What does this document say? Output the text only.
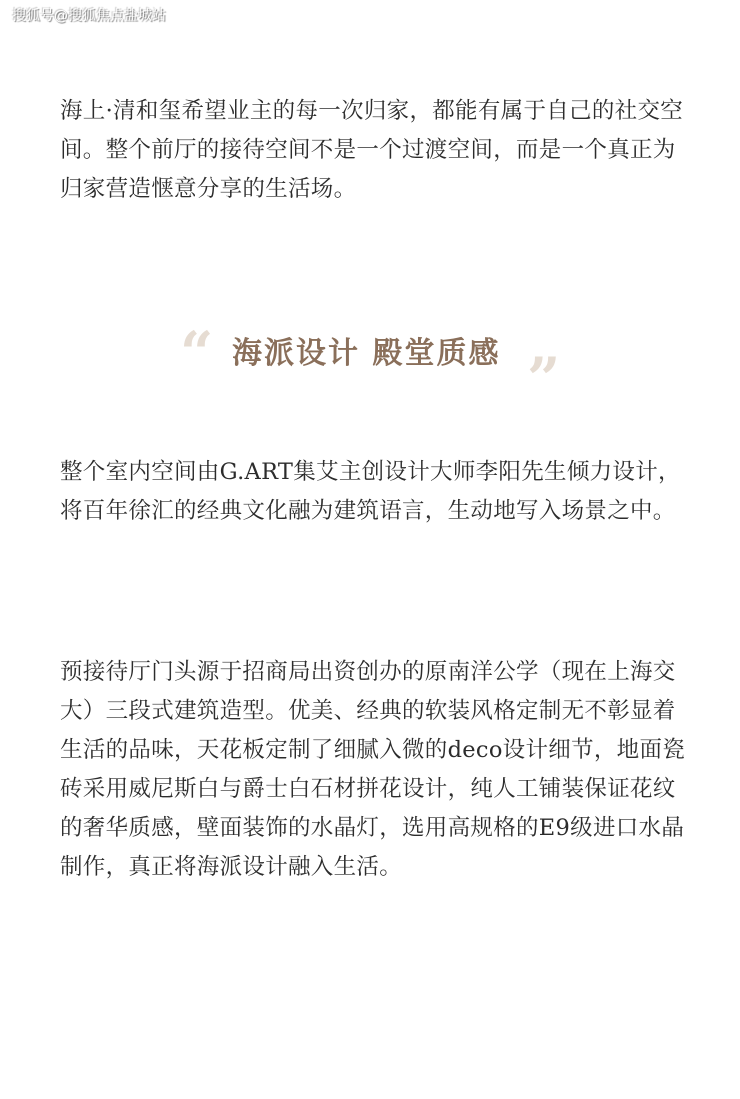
搜狐号@搜狐焦点盐城站

海上·清和玺希望业主的每一次归家，都能有属于自己的社交空间。整个前厅的接待空间不是一个过渡空间，而是一个真正为归家营造惬意分享的生活场。

“ 海派设计 殿堂质感 ”

整个室内空间由G.ART集艾主创设计大师李阳先生倾力设计，将百年徐汇的经典文化融为建筑语言，生动地写入场景之中。

预接待厅门头源于招商局出资创办的原南洋公学（现在上海交大）三段式建筑造型。优美、经典的软装风格定制无不彰显着生活的品味，天花板定制了细腻入微的deco设计细节，地面瓷砖采用威尼斯白与爵士白石材拼花设计，纯人工铺装保证花纹的奢华质感，壁面装饰的水晶灯，选用高规格的E9级进口水晶制作，真正将海派设计融入生活。
